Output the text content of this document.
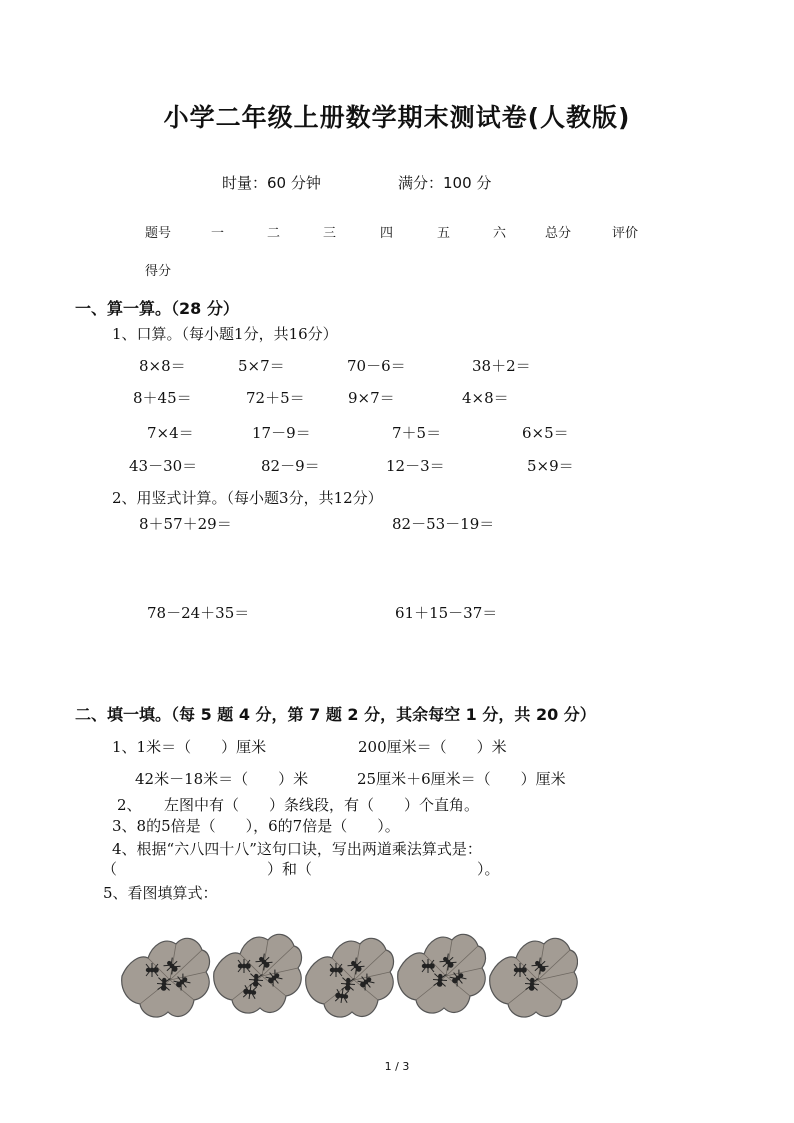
小学二年级上册数学期末测试卷(人教版)
时量：60 分钟	满分：100 分
题号	一	二	三	四	五	六	总分	评价
得分
一、算一算。（28 分）
1、口算。（每小题1分，共16分）
8×8＝	5×7＝	70－6＝	38＋2＝
8＋45＝	72＋5＝	9×7＝	4×8＝
7×4＝	17－9＝	7＋5＝	6×5＝
43－30＝	82－9＝	12－3＝	5×9＝
2、用竖式计算。（每小题3分，共12分）
8＋57＋29＝	82－53－19＝
78－24＋35＝	61＋15－37＝
二、填一填。（每 5 题 4 分，第 7 题 2 分，其余每空 1 分，共 20 分）
1、1米＝（　　）厘米	200厘米＝（　　）米
42米－18米＝（　　）米	25厘米＋6厘米＝（　　）厘米
2、　　左图中有（　　）条线段，有（　　）个直角。
3、8的5倍是（　　），6的7倍是（　　）。
4、根据“六八四十八”这句口诀，写出两道乘法算式是：
（　　　　　　　　　　）和（　　　　　　　　　　　）。
5、看图填算式：
1 / 3
